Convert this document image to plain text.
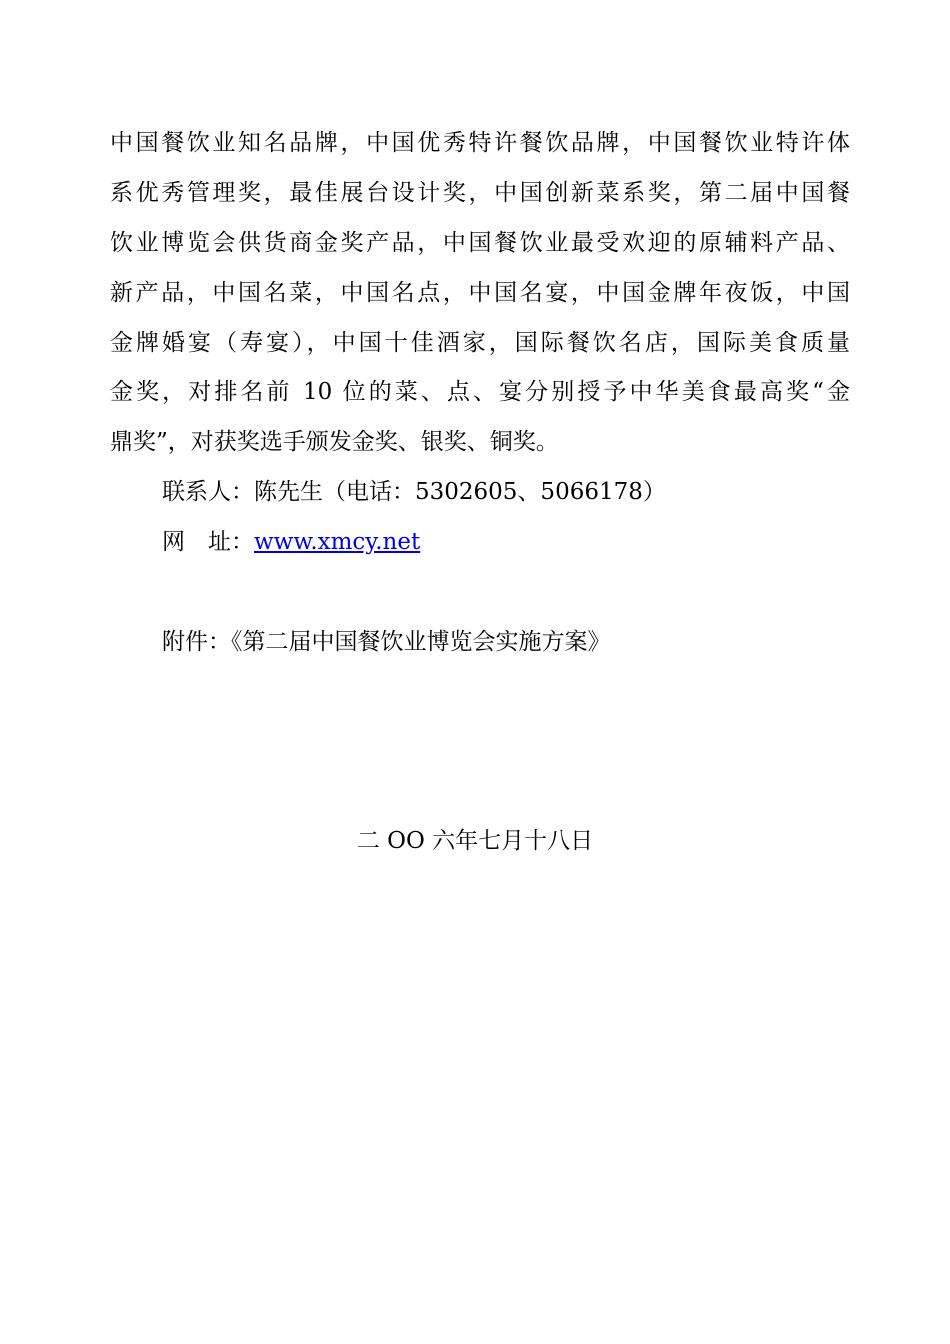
中国餐饮业知名品牌，中国优秀特许餐饮品牌，中国餐饮业特许体
系优秀管理奖，最佳展台设计奖，中国创新菜系奖，第二届中国餐
饮业博览会供货商金奖产品，中国餐饮业最受欢迎的原辅料产品、
新产品，中国名菜，中国名点，中国名宴，中国金牌年夜饭，中国
金牌婚宴（寿宴），中国十佳酒家，国际餐饮名店，国际美食质量
金奖，对排名前 10 位的菜、点、宴分别授予中华美食最高奖“金
鼎奖”，对获奖选手颁发金奖、银奖、铜奖。
联系人：陈先生（电话：5302605、5066178）
网　址：www.xmcy.net
附件：《第二届中国餐饮业博览会实施方案》
二 OO 六年七月十八日
